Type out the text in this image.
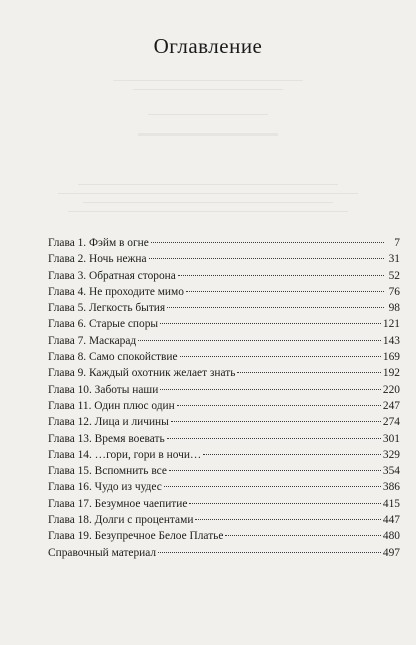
Оглавление
Глава 1. Фэйм в огне	7
Глава 2. Ночь нежна	31
Глава 3. Обратная сторона	52
Глава 4. Не проходите мимо	76
Глава 5. Легкость бытия	98
Глава 6. Старые споры	121
Глава 7. Маскарад	143
Глава 8. Само спокойствие	169
Глава 9. Каждый охотник желает знать	192
Глава 10. Заботы наши	220
Глава 11. Один плюс один	247
Глава 12. Лица и личины	274
Глава 13. Время воевать	301
Глава 14. …гори, гори в ночи…	329
Глава 15. Вспомнить все	354
Глава 16. Чудо из чудес	386
Глава 17. Безумное чаепитие	415
Глава 18. Долги с процентами	447
Глава 19. Безупречное Белое Платье	480
Справочный материал	497
